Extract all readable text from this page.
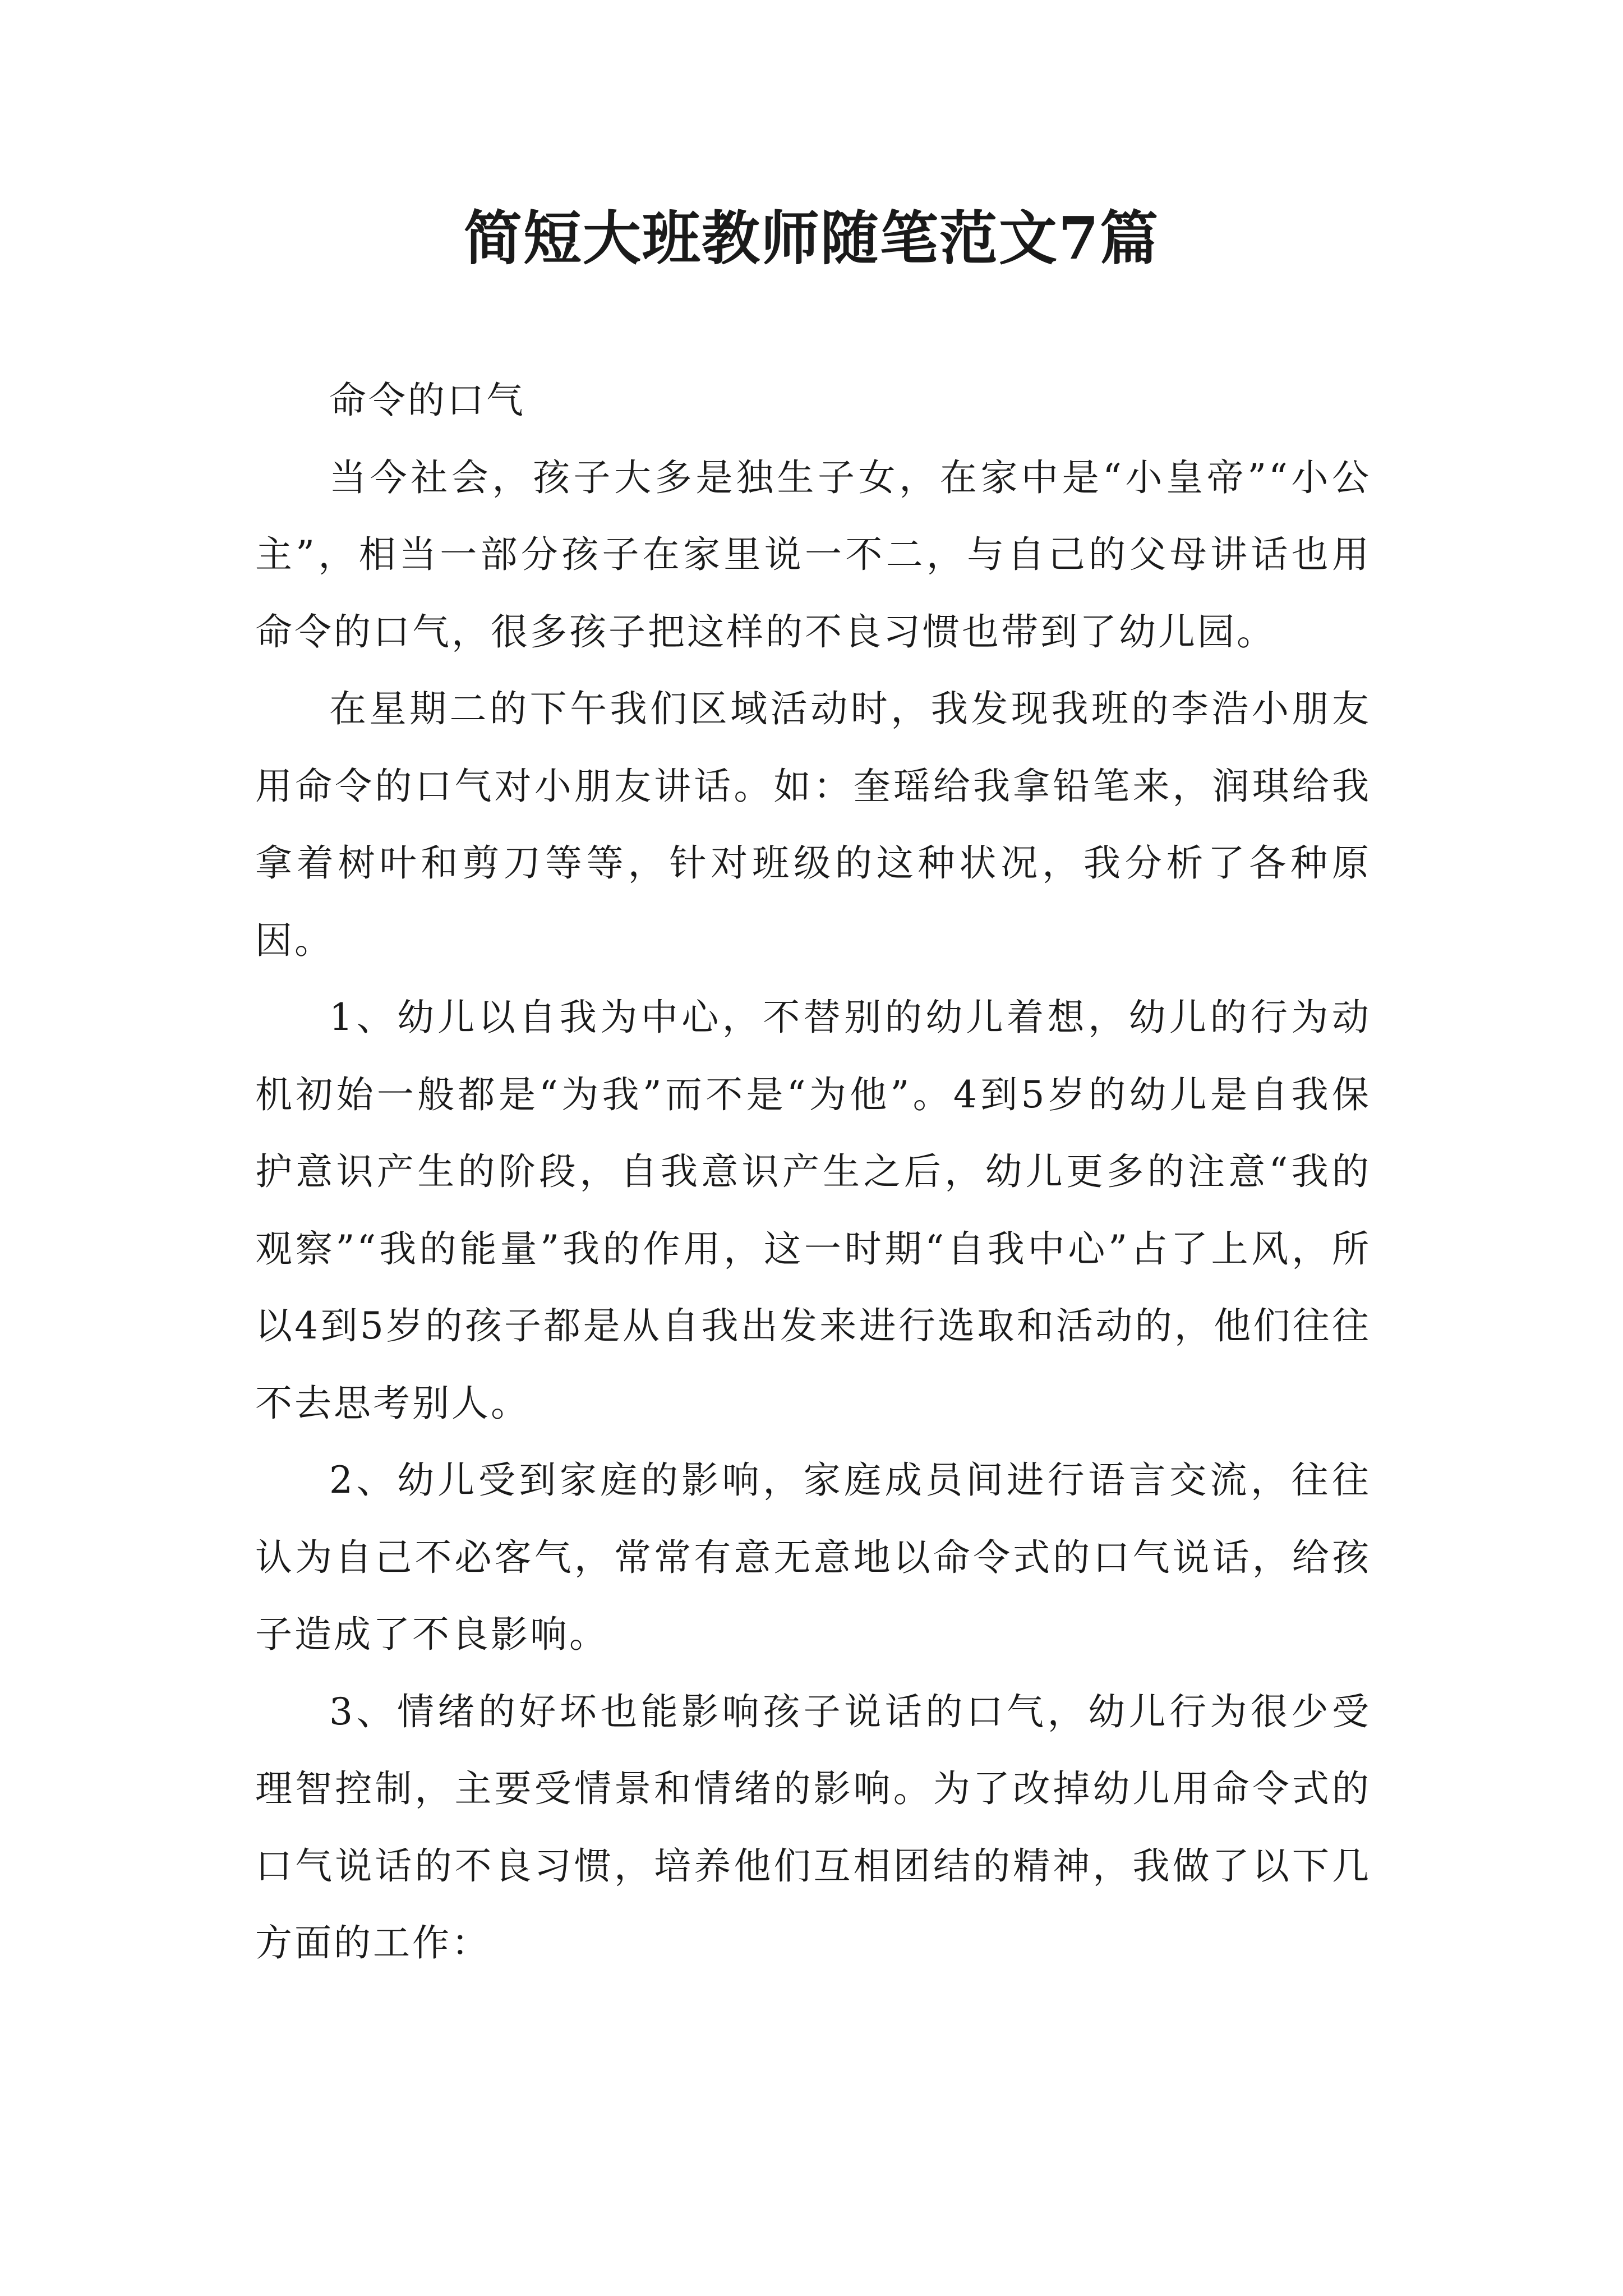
简短大班教师随笔范文7篇

命令的口气

当今社会，孩子大多是独生子女，在家中是“小皇帝”“小公主”，相当一部分孩子在家里说一不二，与自己的父母讲话也用命令的口气，很多孩子把这样的不良习惯也带到了幼儿园。

在星期二的下午我们区域活动时，我发现我班的李浩小朋友用命令的口气对小朋友讲话。如：奎瑶给我拿铅笔来，润琪给我拿着树叶和剪刀等等，针对班级的这种状况，我分析了各种原因。

1、幼儿以自我为中心，不替别的幼儿着想，幼儿的行为动机初始一般都是“为我”而不是“为他”。4到5岁的幼儿是自我保护意识产生的阶段，自我意识产生之后，幼儿更多的注意“我的观察”“我的能量”我的作用，这一时期“自我中心”占了上风，所以4到5岁的孩子都是从自我出发来进行选取和活动的，他们往往不去思考别人。

2、幼儿受到家庭的影响，家庭成员间进行语言交流，往往认为自己不必客气，常常有意无意地以命令式的口气说话，给孩子造成了不良影响。

3、情绪的好坏也能影响孩子说话的口气，幼儿行为很少受理智控制，主要受情景和情绪的影响。为了改掉幼儿用命令式的口气说话的不良习惯，培养他们互相团结的精神，我做了以下几方面的工作：
